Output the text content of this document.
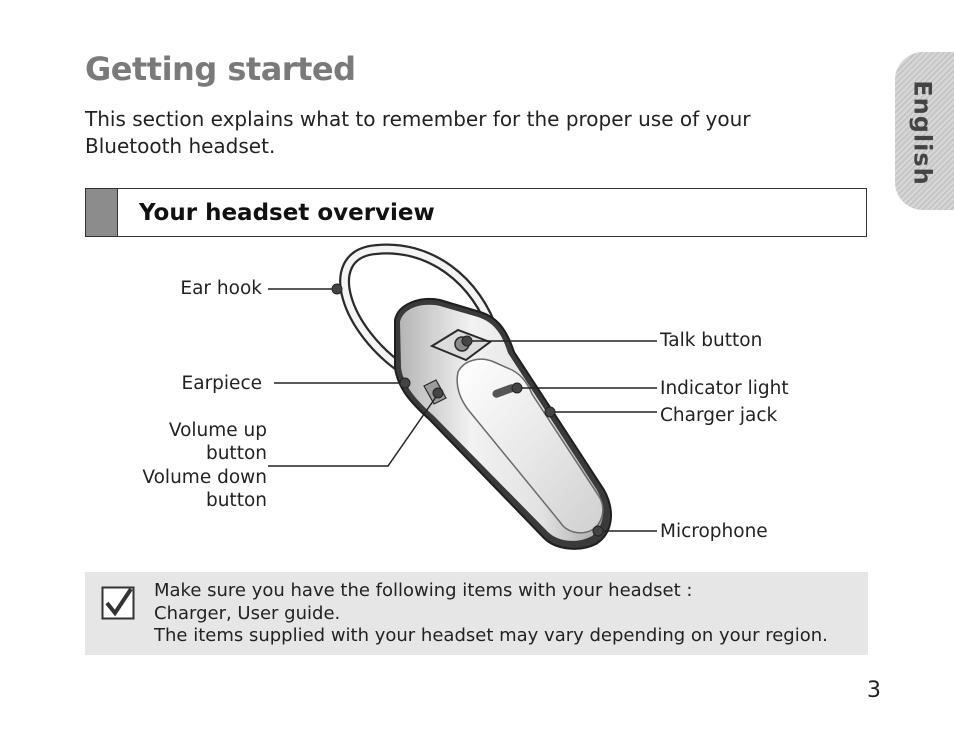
Getting started

This section explains what to remember for the proper use of your Bluetooth headset.	English
Your headset overview
Ear hook
Earpiece
Volume up
button
Volume down
button
Talk button
Indicator light
Charger jack
Microphone
Make sure you have the following items with your headset :
Charger, User guide.
The items supplied with your headset may vary depending on your region.
3
